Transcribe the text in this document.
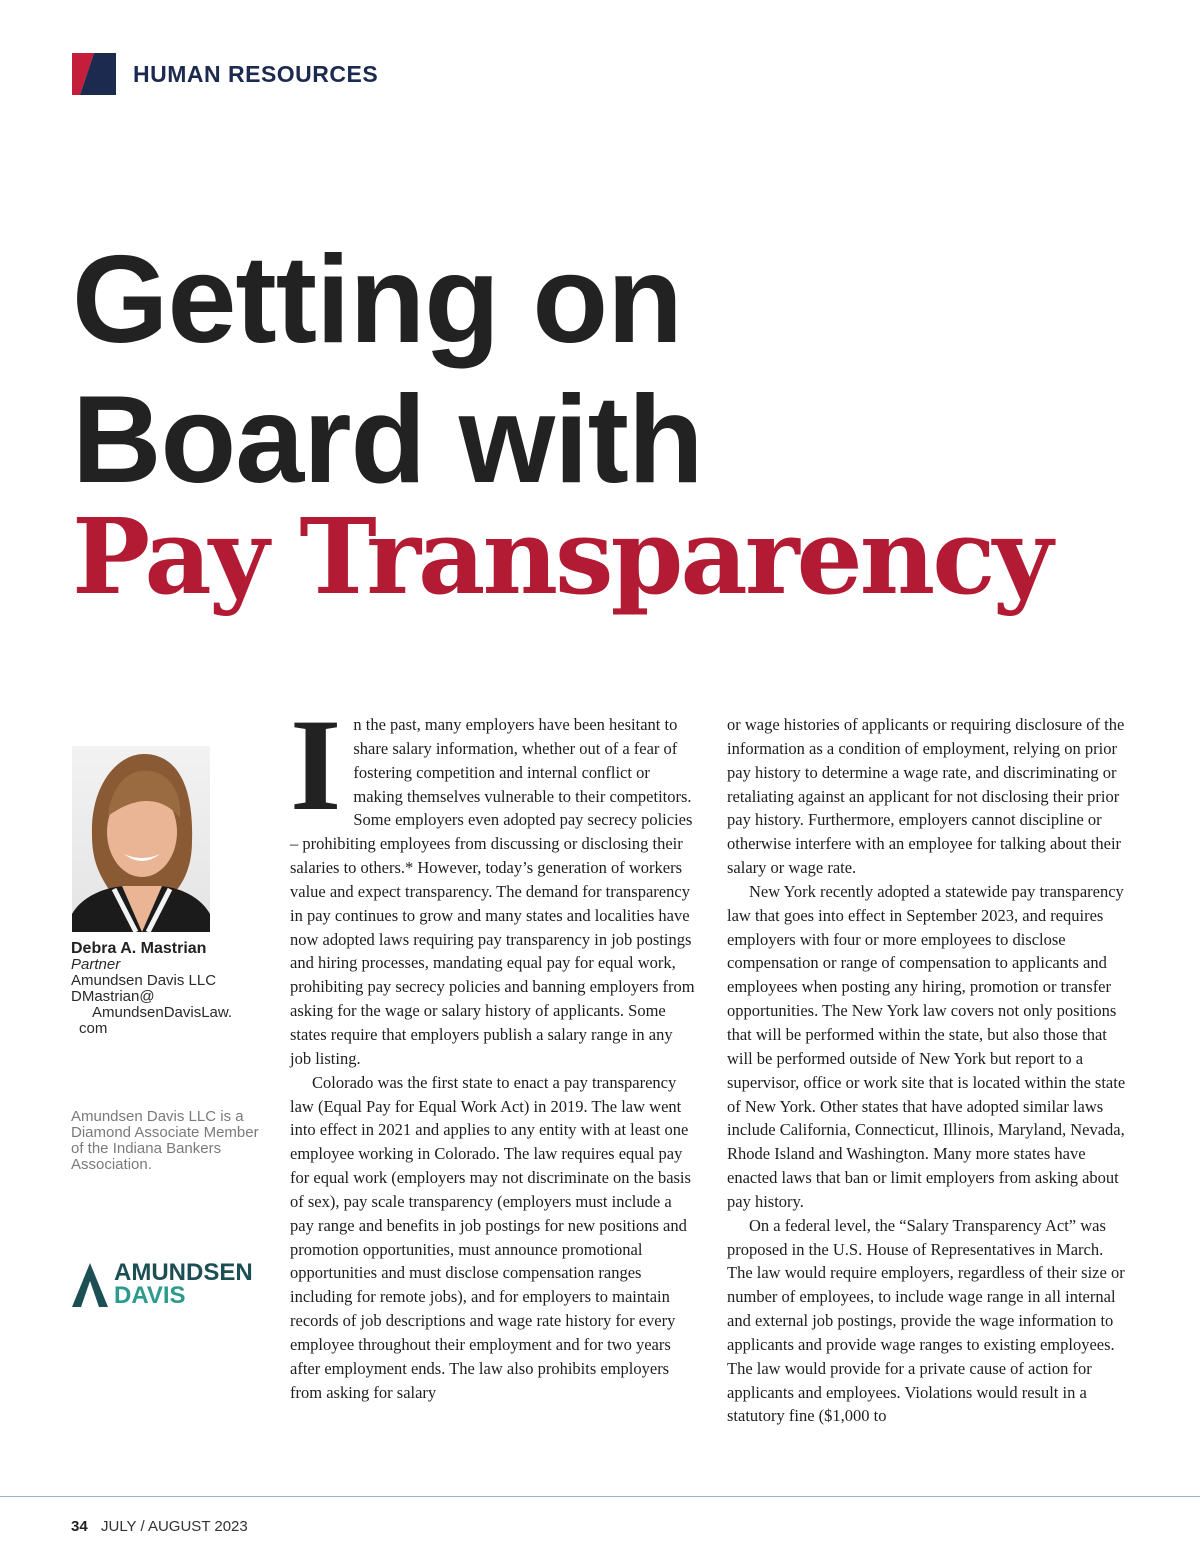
HUMAN RESOURCES
Getting on
Board with
Pay Transparency
Debra A. Mastrian
Partner
Amundsen Davis LLC
DMastrian@
AmundsenDavisLaw.
com
Amundsen Davis LLC is a Diamond Associate Member of the Indiana Bankers Association.
AMUNDSEN
DAVIS

In the past, many employers have been hesitant to share salary information, whether out of a fear of fostering competition and internal conflict or making themselves vulnerable to their competitors. Some employers even adopted pay secrecy policies – prohibiting employees from discussing or disclosing their salaries to others.* However, today’s generation of workers value and expect transparency. The demand for transparency in pay continues to grow and many states and localities have now adopted laws requiring pay transparency in job postings and hiring processes, mandating equal pay for equal work, prohibiting pay secrecy policies and banning employers from asking for the wage or salary history of applicants. Some states require that employers publish a salary range in any job listing.

Colorado was the first state to enact a pay transparency law (Equal Pay for Equal Work Act) in 2019. The law went into effect in 2021 and applies to any entity with at least one employee working in Colorado. The law requires equal pay for equal work (employers may not discriminate on the basis of sex), pay scale transparency (employers must include a pay range and benefits in job postings for new positions and promotion opportunities, must announce promotional opportunities and must disclose compensation ranges including for remote jobs), and for employers to maintain records of job descriptions and wage rate history for every employee throughout their employment and for two years after employment ends. The law also prohibits employers from asking for salary

or wage histories of applicants or requiring disclosure of the information as a condition of employment, relying on prior pay history to determine a wage rate, and discriminating or retaliating against an applicant for not disclosing their prior pay history. Furthermore, employers cannot discipline or otherwise interfere with an employee for talking about their salary or wage rate.

New York recently adopted a statewide pay transparency law that goes into effect in September 2023, and requires employers with four or more employees to disclose compensation or range of compensation to applicants and employees when posting any hiring, promotion or transfer opportunities. The New York law covers not only positions that will be performed within the state, but also those that will be performed outside of New York but report to a supervisor, office or work site that is located within the state of New York. Other states that have adopted similar laws include California, Connecticut, Illinois, Maryland, Nevada, Rhode Island and Washington. Many more states have enacted laws that ban or limit employers from asking about pay history.

On a federal level, the “Salary Transparency Act” was proposed in the U.S. House of Representatives in March. The law would require employers, regardless of their size or number of employees, to include wage range in all internal and external job postings, provide the wage information to applicants and provide wage ranges to existing employees. The law would provide for a private cause of action for applicants and employees. Violations would result in a statutory fine ($1,000 to

34 JULY / AUGUST 2023
